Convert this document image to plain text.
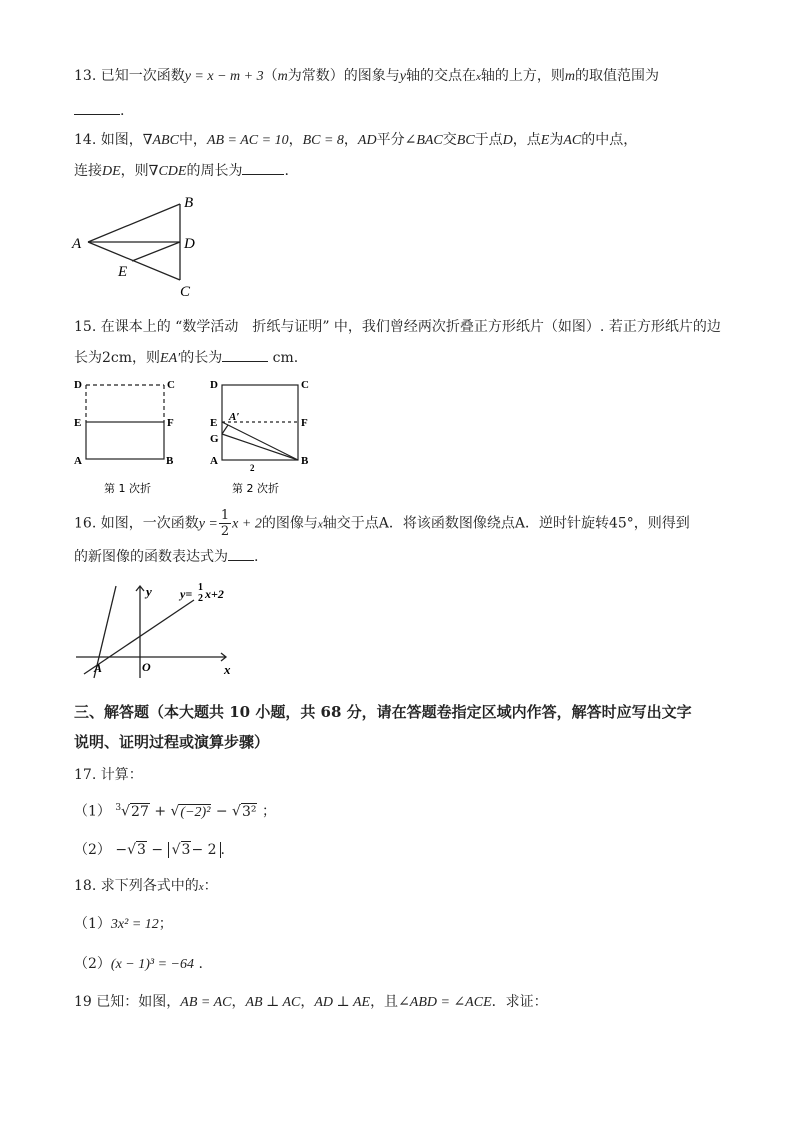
13. 已知一次函数y = x − m + 3（m为常数）的图象与y轴的交点在x轴的上方，则m的取值范围为
.
14. 如图，∇ABC中，AB = AC = 10，BC = 8，AD平分∠BAC交BC于点D，点E为AC的中点，
连接DE，则∇CDE的周长为	.
A
B
D
E
C
15. 在课本上的 “数学活动　折纸与证明” 中，我们曾经两次折叠正方形纸片（如图）. 若正方形纸片的边
长为2cm，则EA′的长为	cm.
D	C
E	F
A	B
第 1 次折
A′
D	C
E	F
G
A	B
2
第 2 次折
16. 如图，一次函数$y = \frac{1}{2}$ x + 2的图像与x轴交于点A．将该函数图像绕点A．逆时针旋转45°，则得到
的新图像的函数表达式为 .
y
x
O
A
y= 1
2 x+2
三、解答题（本大题共 10 小题，共 68 分，请在答题卷指定区域内作答，解答时应写出文字
说明、证明过程或演算步骤）
17. 计算：
（1） $^3$√27 + √(−2)² − √3² ；
（2） −√3 − √3− 2 .
18. 求下列各式中的x：
（1）3x² = 12；
（2）(x − 1)³ = −64 .
19 已知：如图，AB = AC，AB ⊥ AC，AD ⊥ AE，且∠ABD = ∠ACE．求证：
